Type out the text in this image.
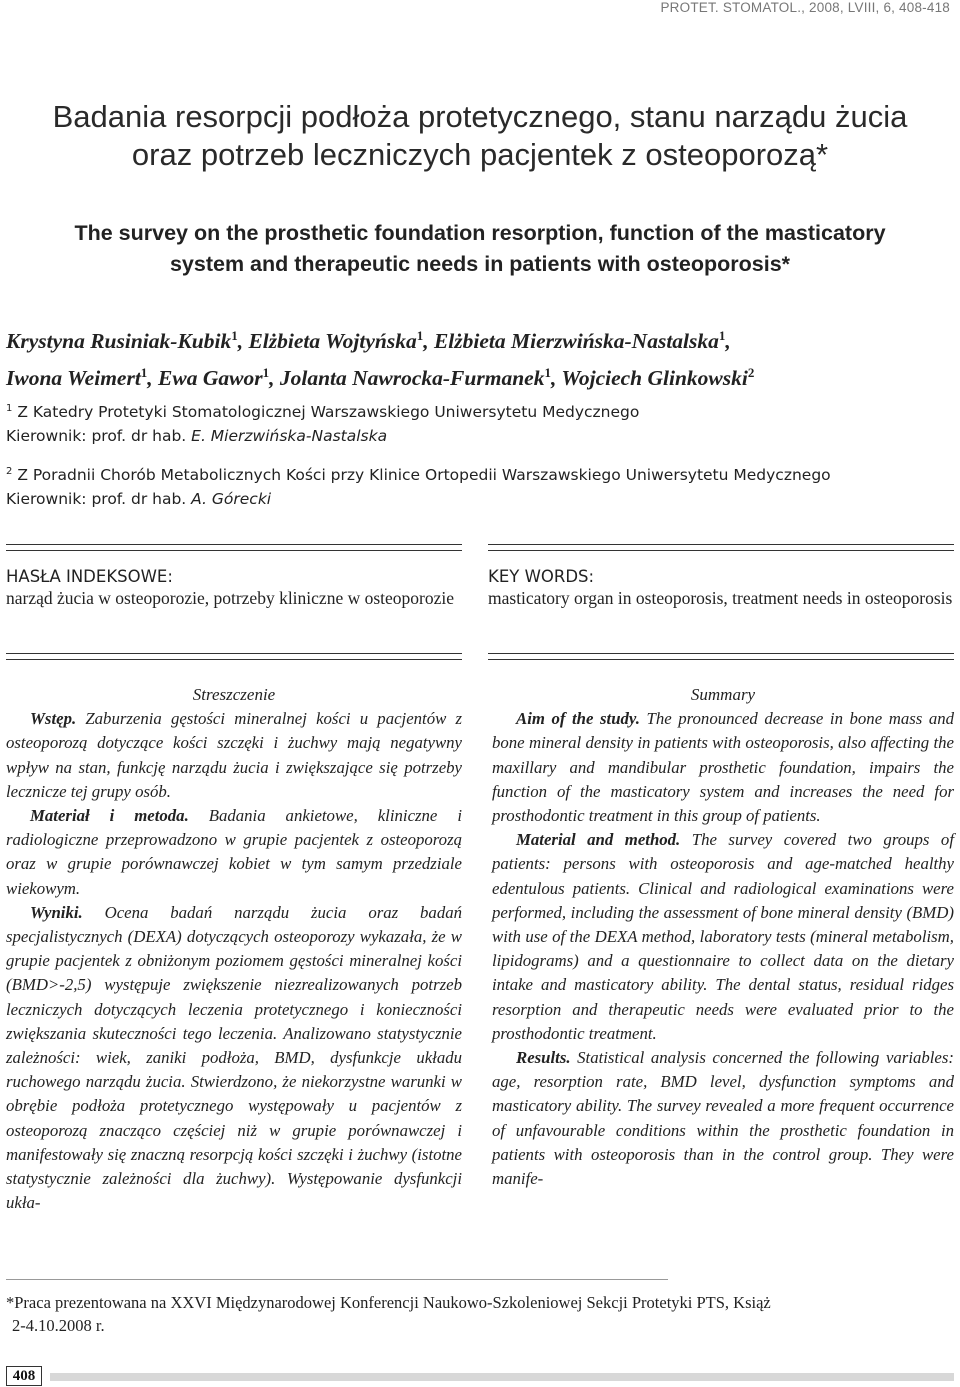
PROTET. STOMATOL., 2008, LVIII, 6, 408-418
Badania resorpcji podłoża protetycznego, stanu narządu żucia
oraz potrzeb leczniczych pacjentek z osteoporozą*
The survey on the prosthetic foundation resorption, function of the masticatory
system and therapeutic needs in patients with osteoporosis*
Krystyna Rusiniak-Kubik$^1$, Elżbieta Wojtyńska$^1$, Elżbieta Mierzwińska-Nastalska$^1$,
Iwona Weimert$^1$, Ewa Gawor$^1$, Jolanta Nawrocka-Furmanek$^1$, Wojciech Glinkowski$^2$
$^1$ Z Katedry Protetyki Stomatologicznej Warszawskiego Uniwersytetu Medycznego
Kierownik: prof. dr hab. E. Mierzwińska-Nastalska
$^2$ Z Poradnii Chorób Metabolicznych Kości przy Klinice Ortopedii Warszawskiego Uniwersytetu Medycznego
Kierownik: prof. dr hab. A. Górecki
HASŁA INDEKSOWE:
narząd żucia w osteoporozie, potrzeby kliniczne w osteoporozie
KEY WORDS:
masticatory organ in osteoporosis, treatment needs in osteoporosis
Streszczenie

Wstęp. Zaburzenia gęstości mineralnej kości u pacjentów z osteoporozą dotyczące kości szczęki i żuchwy mają negatywny wpływ na stan, funkcję narządu żucia i zwiększające się potrzeby lecznicze tej grupy osób.

Materiał i metoda. Badania ankietowe, kliniczne i radiologiczne przeprowadzono w grupie pacjentek z osteoporozą oraz w grupie porównawczej kobiet w tym samym przedziale wiekowym.

Wyniki. Ocena badań narządu żucia oraz badań specjalistycznych (DEXA) dotyczących osteoporozy wykazała, że w grupie pacjentek z obniżonym poziomem gęstości mineralnej kości (BMD>-2,5) występuje zwiększenie niezrealizowanych potrzeb leczniczych dotyczących leczenia protetycznego i konieczności zwiększania skuteczności tego leczenia. Analizowano statystycznie zależności: wiek, zaniki podłoża, BMD, dysfunkcje układu ruchowego narządu żucia. Stwierdzono, że niekorzystne warunki w obrębie podłoża protetycznego występowały u pacjentów z osteoporozą znacząco częściej niż w grupie porównawczej i manifestowały się znaczną resorpcją kości szczęki i żuchwy (istotne statystycznie zależności dla żuchwy). Występowanie dysfunkcji ukła-

Summary

Aim of the study. The pronounced decrease in bone mass and bone mineral density in patients with osteoporosis, also affecting the maxillary and mandibular prosthetic foundation, impairs the function of the masticatory system and increases the need for prosthodontic treatment in this group of patients.

Material and method. The survey covered two groups of patients: persons with osteoporosis and age-matched healthy edentulous patients. Clinical and radiological examinations were performed, including the assessment of bone mineral density (BMD) with use of the DEXA method, laboratory tests (mineral metabolism, lipidograms) and a questionnaire to collect data on the dietary intake and masticatory ability. The dental status, residual ridges resorption and therapeutic needs were evaluated prior to the prosthodontic treatment.

Results. Statistical analysis concerned the following variables: age, resorption rate, BMD level, dysfunction symptoms and masticatory ability. The survey revealed a more frequent occurrence of unfavourable conditions within the prosthetic foundation in patients with osteoporosis than in the control group. They were manife-

*Praca prezentowana na XXVI Międzynarodowej Konferencji Naukowo-Szkoleniowej Sekcji Protetyki PTS, Książ
2-4.10.2008 r.
408
